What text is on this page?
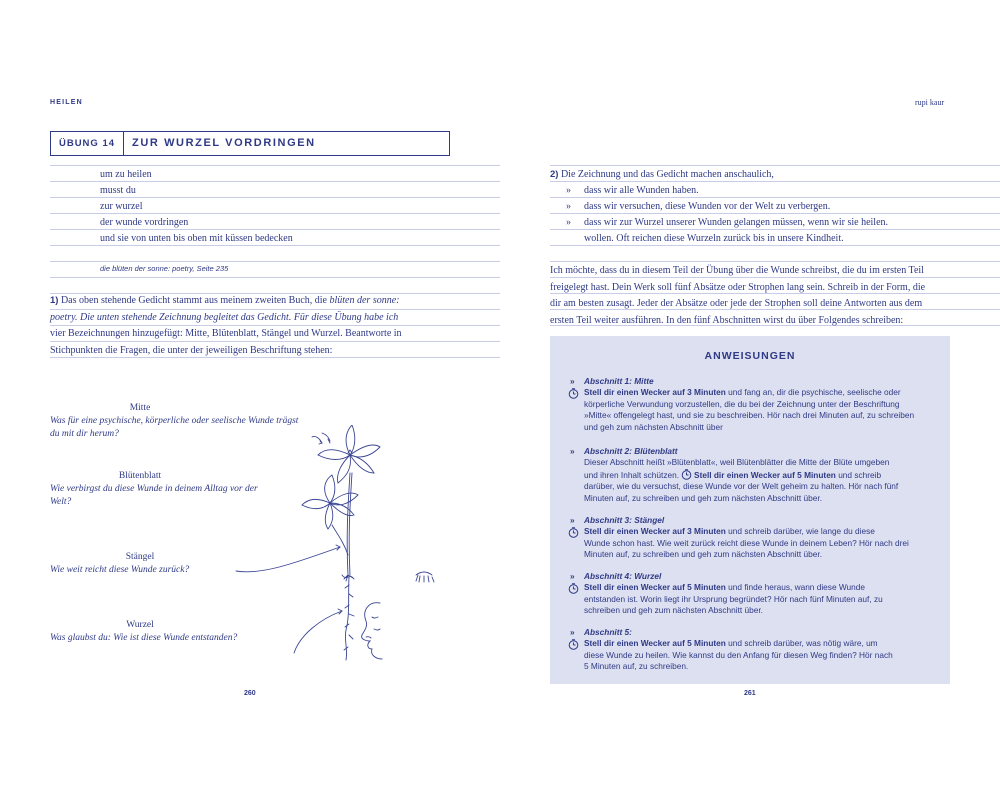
HEILEN
ÜBUNG 14	ZUR WURZEL VORDRINGEN
um zu heilen
musst du
zur wurzel
der wunde vordringen
und sie von unten bis oben mit küssen bedecken
die blüten der sonne: poetry, Seite 235
1) Das oben stehende Gedicht stammt aus meinem zweiten Buch, die blüten der sonne:
poetry. Die unten stehende Zeichnung begleitet das Gedicht. Für diese Übung habe ich
vier Bezeichnungen hinzugefügt: Mitte, Blütenblatt, Stängel und Wurzel. Beantworte in
Stichpunkten die Fragen, die unter der jeweiligen Beschriftung stehen:
Mitte
Was für eine psychische, körperliche oder seelische Wunde trägst du mit dir herum?
Blütenblatt
Wie verbirgst du diese Wunde in deinem Alltag vor der Welt?
Stängel
Wie weit reicht diese Wunde zurück?
Wurzel
Was glaubst du: Wie ist diese Wunde entstanden?
260
rupi kaur
2) Die Zeichnung und das Gedicht machen anschaulich,
» dass wir alle Wunden haben.
» dass wir versuchen, diese Wunden vor der Welt zu verbergen.
» dass wir zur Wurzel unserer Wunden gelangen müssen, wenn wir sie heilen.
wollen. Oft reichen diese Wurzeln zurück bis in unsere Kindheit.
Ich möchte, dass du in diesem Teil der Übung über die Wunde schreibst, die du im ersten Teil
freigelegt hast. Dein Werk soll fünf Absätze oder Strophen lang sein. Schreib in der Form, die
dir am besten zusagt. Jeder der Absätze oder jede der Strophen soll deine Antworten aus dem
ersten Teil weiter ausführen. In den fünf Abschnitten wirst du über Folgendes schreiben:
ANWEISUNGEN
» Abschnitt 1: Mitte
Stell dir einen Wecker auf 3 Minuten und fang an, dir die psychische, seelische oder
körperliche Verwundung vorzustellen, die du bei der Zeichnung unter der Beschriftung
»Mitte« offengelegt hast, und sie zu beschreiben. Hör nach drei Minuten auf, zu schreiben
und geh zum nächsten Abschnitt über
» Abschnitt 2: Blütenblatt
Dieser Abschnitt heißt »Blütenblatt«, weil Blütenblätter die Mitte der Blüte umgeben
und ihren Inhalt schützen. Stell dir einen Wecker auf 5 Minuten und schreib
darüber, wie du versuchst, diese Wunde vor der Welt geheim zu halten. Hör nach fünf
Minuten auf, zu schreiben und geh zum nächsten Abschnitt über.
» Abschnitt 3: Stängel
Stell dir einen Wecker auf 3 Minuten und schreib darüber, wie lange du diese
Wunde schon hast. Wie weit zurück reicht diese Wunde in deinem Leben? Hör nach drei
Minuten auf, zu schreiben und geh zum nächsten Abschnitt über.
» Abschnitt 4: Wurzel
Stell dir einen Wecker auf 5 Minuten und finde heraus, wann diese Wunde
entstanden ist. Worin liegt ihr Ursprung begründet? Hör nach fünf Minuten auf, zu
schreiben und geh zum nächsten Abschnitt über.
» Abschnitt 5:
Stell dir einen Wecker auf 5 Minuten und schreib darüber, was nötig wäre, um
diese Wunde zu heilen. Wie kannst du den Anfang für diesen Weg finden? Hör nach
5 Minuten auf, zu schreiben.
261
